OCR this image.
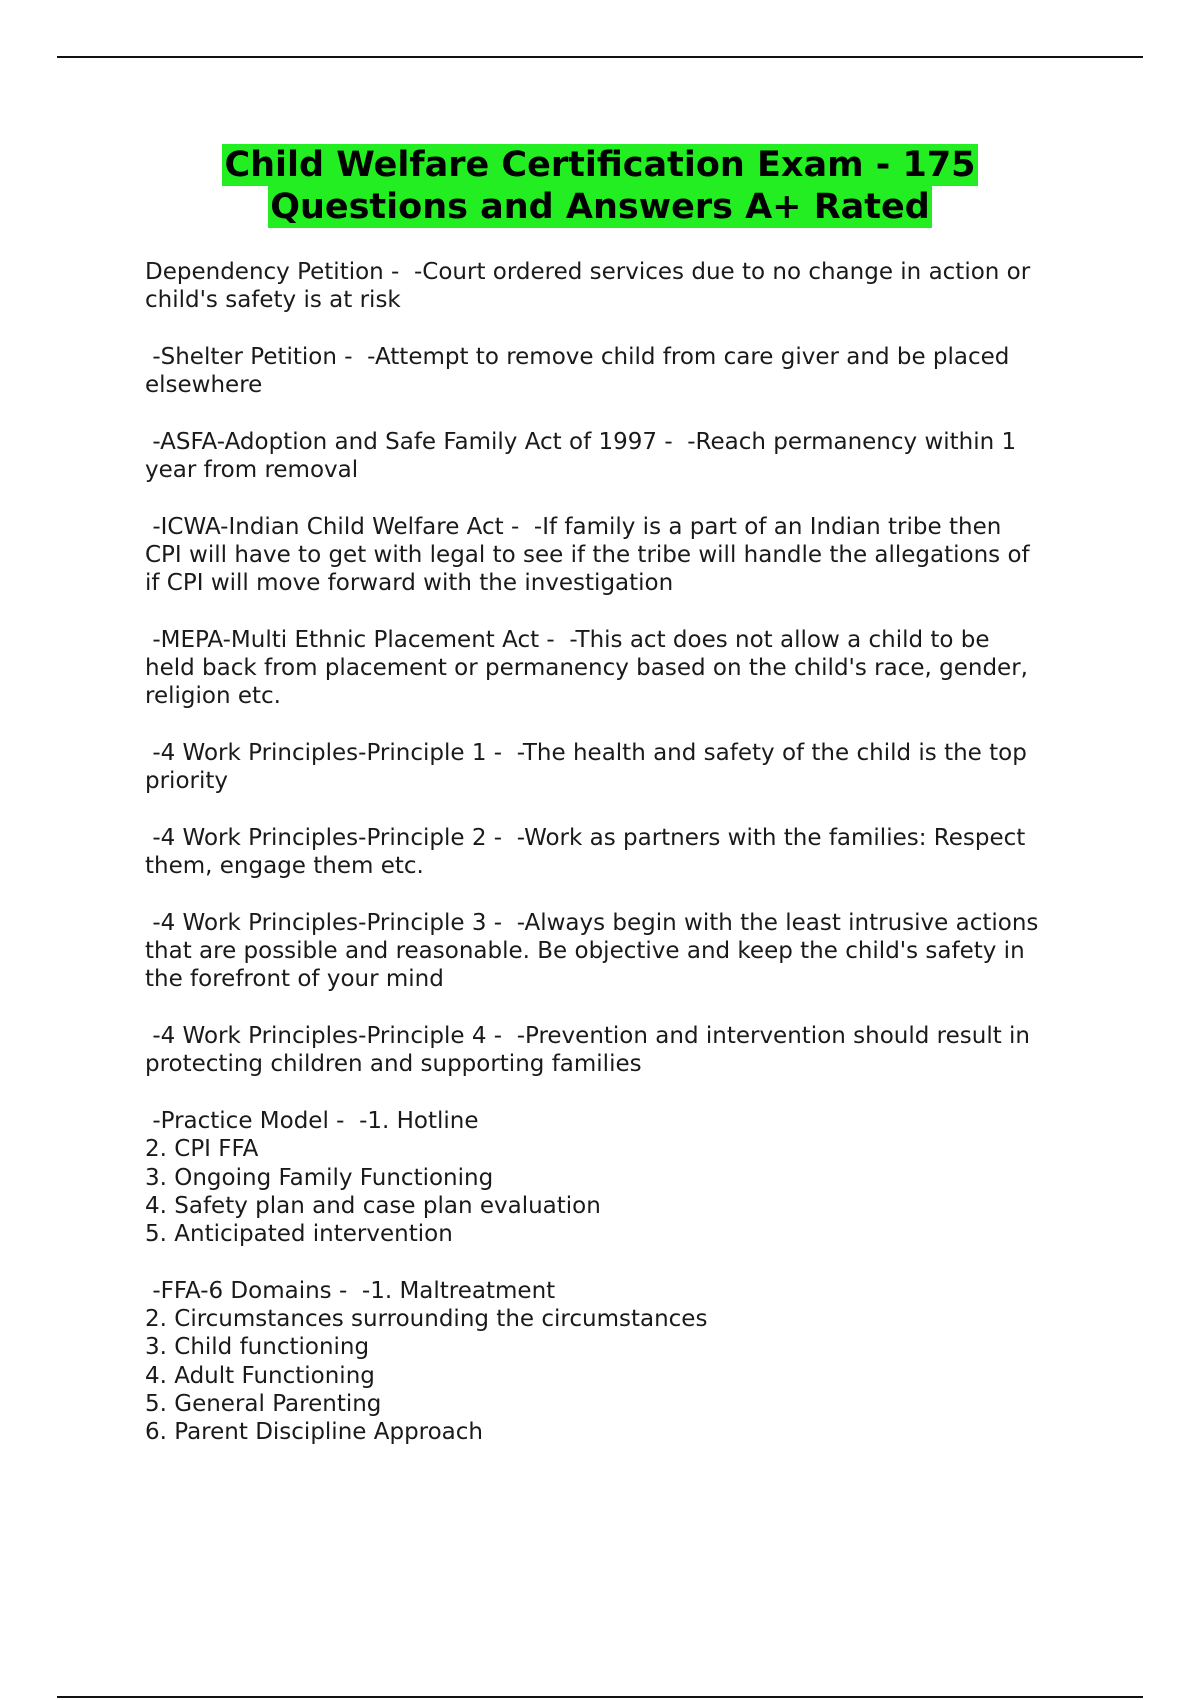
Child Welfare Certification Exam - 175
Questions and Answers A+ Rated
Dependency Petition -  -Court ordered services due to no change in action or
child's safety is at risk
-Shelter Petition -  -Attempt to remove child from care giver and be placed
elsewhere
-ASFA-Adoption and Safe Family Act of 1997 -  -Reach permanency within 1
year from removal
-ICWA-Indian Child Welfare Act -  -If family is a part of an Indian tribe then
CPI will have to get with legal to see if the tribe will handle the allegations of
if CPI will move forward with the investigation
-MEPA-Multi Ethnic Placement Act -  -This act does not allow a child to be
held back from placement or permanency based on the child's race, gender,
religion etc.
-4 Work Principles-Principle 1 -  -The health and safety of the child is the top
priority
-4 Work Principles-Principle 2 -  -Work as partners with the families: Respect
them, engage them etc.
-4 Work Principles-Principle 3 -  -Always begin with the least intrusive actions
that are possible and reasonable. Be objective and keep the child's safety in
the forefront of your mind
-4 Work Principles-Principle 4 -  -Prevention and intervention should result in
protecting children and supporting families
-Practice Model -  -1. Hotline
2. CPI FFA
3. Ongoing Family Functioning
4. Safety plan and case plan evaluation
5. Anticipated intervention
-FFA-6 Domains -  -1. Maltreatment
2. Circumstances surrounding the circumstances
3. Child functioning
4. Adult Functioning
5. General Parenting
6. Parent Discipline Approach
